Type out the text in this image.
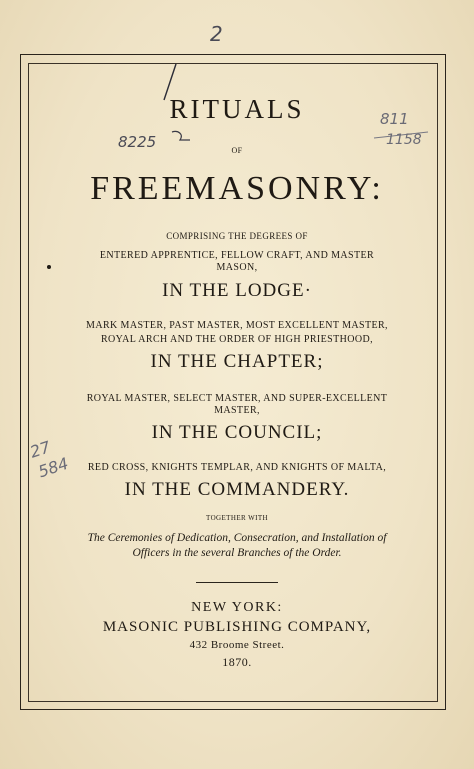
2
8225
811
1158
27
584
RITUALS
OF
FREEMASONRY:
COMPRISING THE DEGREES OF
ENTERED APPRENTICE, FELLOW CRAFT, AND MASTER
MASON,
IN THE LODGE·
MARK MASTER, PAST MASTER, MOST EXCELLENT MASTER,
ROYAL ARCH AND THE ORDER OF HIGH PRIESTHOOD,
IN THE CHAPTER;
ROYAL MASTER, SELECT MASTER, AND SUPER-EXCELLENT
MASTER,
IN THE COUNCIL;
RED CROSS, KNIGHTS TEMPLAR, AND KNIGHTS OF MALTA,
IN THE COMMANDERY.
TOGETHER WITH
The Ceremonies of Dedication, Consecration, and Installation of
Officers in the several Branches of the Order.
NEW YORK:
MASONIC PUBLISHING COMPANY,
432 Broome Street.
1870.
